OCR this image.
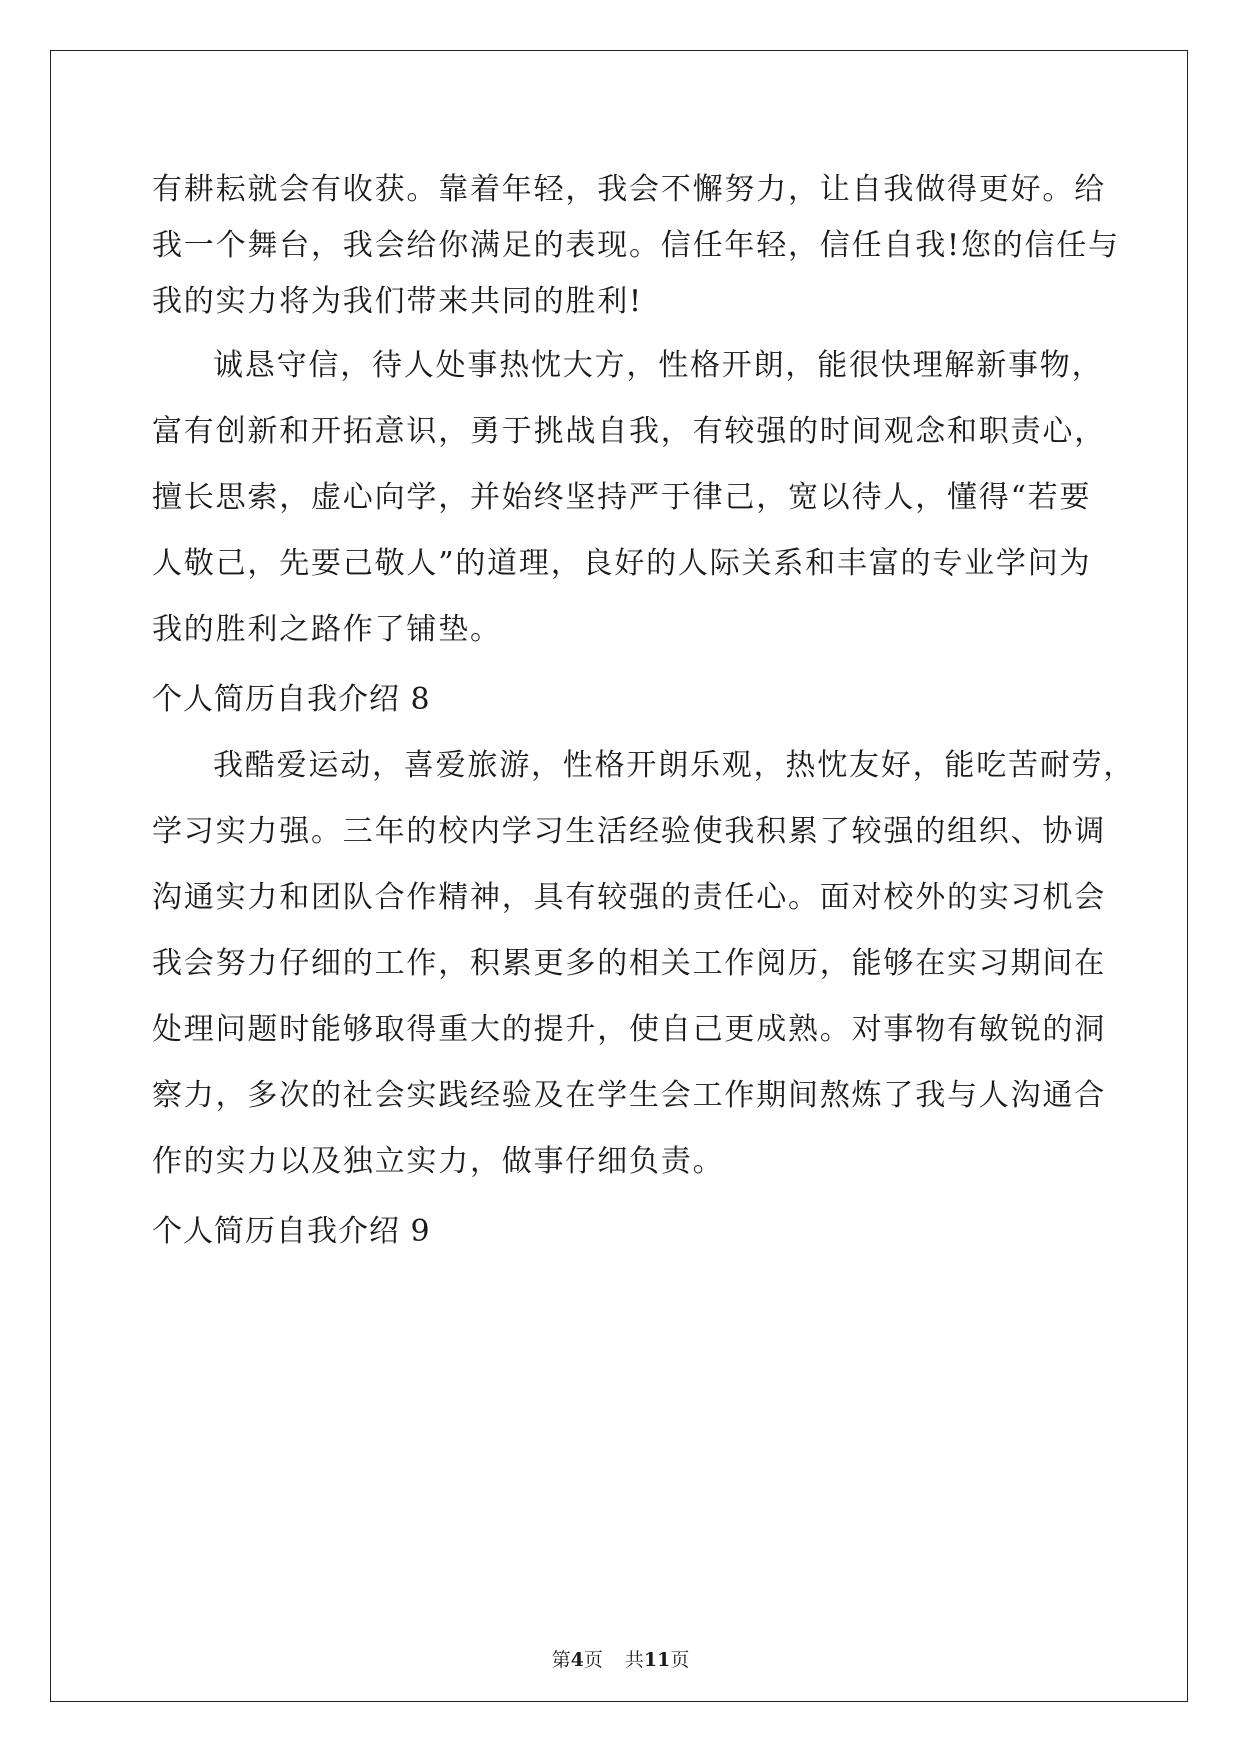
有耕耘就会有收获。靠着年轻，我会不懈努力，让自我做得更好。给
我一个舞台，我会给你满足的表现。信任年轻，信任自我!您的信任与
我的实力将为我们带来共同的胜利!
诚恳守信，待人处事热忱大方，性格开朗，能很快理解新事物，
富有创新和开拓意识，勇于挑战自我，有较强的时间观念和职责心，
擅长思索，虚心向学，并始终坚持严于律己，宽以待人，懂得“若要
人敬己，先要己敬人”的道理，良好的人际关系和丰富的专业学问为
我的胜利之路作了铺垫。
个人简历自我介绍 8
我酷爱运动，喜爱旅游，性格开朗乐观，热忱友好，能吃苦耐劳，
学习实力强。三年的校内学习生活经验使我积累了较强的组织、协调
沟通实力和团队合作精神，具有较强的责任心。面对校外的实习机会
我会努力仔细的工作，积累更多的相关工作阅历，能够在实习期间在
处理问题时能够取得重大的提升，使自己更成熟。对事物有敏锐的洞
察力，多次的社会实践经验及在学生会工作期间熬炼了我与人沟通合
作的实力以及独立实力，做事仔细负责。
个人简历自我介绍 9
第4页 共11页
